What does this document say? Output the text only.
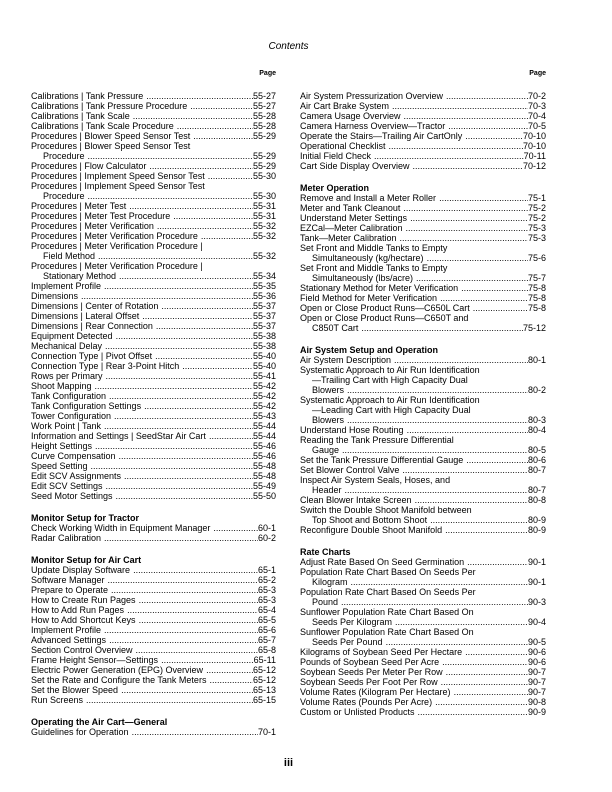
Contents
Page
Calibrations | Tank Pressure .....	55-27
Calibrations | Tank Pressure Procedure .....	55-27
Calibrations | Tank Scale .....	55-28
Calibrations | Tank Scale Procedure .....	55-28
Procedures | Blower Speed Sensor Test .....	55-29
Procedures | Blower Speed Sensor Test
Procedure .....	55-29
Procedures | Flow Calculator .....	55-29
Procedures | Implement Speed Sensor Test .....	55-30
Procedures | Implement Speed Sensor Test
Procedure .....	55-30
Procedures | Meter Test .....	55-31
Procedures | Meter Test Procedure .....	55-31
Procedures | Meter Verification .....	55-32
Procedures | Meter Verification Procedure .....	55-32
Procedures | Meter Verification Procedure |
Field Method .....	55-32
Procedures | Meter Verification Procedure |
Stationary Method .....	55-34
Implement Profile .....	55-35
Dimensions .....	55-36
Dimensions | Center of Rotation .....	55-37
Dimensions | Lateral Offset .....	55-37
Dimensions | Rear Connection .....	55-37
Equipment Detected .....	55-38
Mechanical Delay .....	55-38
Connection Type | Pivot Offset .....	55-40
Connection Type | Rear 3-Point Hitch .....	55-40
Rows per Primary .....	55-41
Shoot Mapping .....	55-42
Tank Configuration .....	55-42
Tank Configuration Settings .....	55-42
Tower Configuration .....	55-43
Work Point | Tank .....	55-44
Information and Settings | SeedStar Air Cart .....	55-44
Height Settings .....	55-46
Curve Compensation .....	55-46
Speed Setting .....	55-48
Edit SCV Assignments .....	55-48
Edit SCV Settings .....	55-49
Seed Motor Settings .....	55-50
Monitor Setup for Tractor
Check Working Width in Equipment Manager .....	60-1
Radar Calibration .....	60-2
Monitor Setup for Air Cart
Update Display Software .....	65-1
Software Manager .....	65-2
Prepare to Operate .....	65-3
How to Create Run Pages .....	65-3
How to Add Run Pages .....	65-4
How to Add Shortcut Keys .....	65-5
Implement Profile .....	65-6
Advanced Settings .....	65-7
Section Control Overview .....	65-8
Frame Height Sensor—Settings .....	65-11
Electric Power Generation (EPG) Overview .....	65-12
Set the Rate and Configure the Tank Meters .....	65-12
Set the Blower Speed .....	65-13
Run Screens .....	65-15
Operating the Air Cart—General
Guidelines for Operation .....	70-1
Page
Air System Pressurization Overview .....	70-2
Air Cart Brake System .....	70-3
Camera Usage Overview .....	70-4
Camera Harness Overview—Tractor .....	70-5
Operate the Stairs—Trailing Air CartOnly .....	70-10
Operational Checklist .....	70-10
Initial Field Check .....	70-11
Cart Side Display Overview .....	70-12
Meter Operation
Remove and Install a Meter Roller .....	75-1
Meter and Tank Cleanout .....	75-2
Understand Meter Settings .....	75-2
EZCal—Meter Calibration .....	75-3
Tank—Meter Calibration .....	75-3
Set Front and Middle Tanks to Empty
Simultaneously (kg/hectare) .....	75-6
Set Front and Middle Tanks to Empty
Simultaneously (lbs/acre) .....	75-7
Stationary Method for Meter Verification .....	75-8
Field Method for Meter Verification .....	75-8
Open or Close Product Runs—C650L Cart .....	75-8
Open or Close Product Runs—C650T and
C850T Cart .....	75-12
Air System Setup and Operation
Air System Description .....	80-1
Systematic Approach to Air Run Identification
—Trailing Cart with High Capacity Dual
Blowers .....	80-2
Systematic Approach to Air Run Identification
—Leading Cart with High Capacity Dual
Blowers .....	80-3
Understand Hose Routing .....	80-4
Reading the Tank Pressure Differential
Gauge .....	80-5
Set the Tank Pressure Differential Gauge .....	80-6
Set Blower Control Valve .....	80-7
Inspect Air System Seals, Hoses, and
Header .....	80-7
Clean Blower Intake Screen .....	80-8
Switch the Double Shoot Manifold between
Top Shoot and Bottom Shoot .....	80-9
Reconfigure Double Shoot Manifold .....	80-9
Rate Charts
Adjust Rate Based On Seed Germination .....	90-1
Population Rate Chart Based On Seeds Per
Kilogram .....	90-1
Population Rate Chart Based On Seeds Per
Pound .....	90-3
Sunflower Population Rate Chart Based On
Seeds Per Kilogram .....	90-4
Sunflower Population Rate Chart Based On
Seeds Per Pound .....	90-5
Kilograms of Soybean Seed Per Hectare .....	90-6
Pounds of Soybean Seed Per Acre .....	90-6
Soybean Seeds Per Meter Per Row .....	90-7
Soybean Seeds Per Foot Per Row .....	90-7
Volume Rates (Kilogram Per Hectare) .....	90-7
Volume Rates (Pounds Per Acre) .....	90-8
Custom or Unlisted Products .....	90-9
iii
